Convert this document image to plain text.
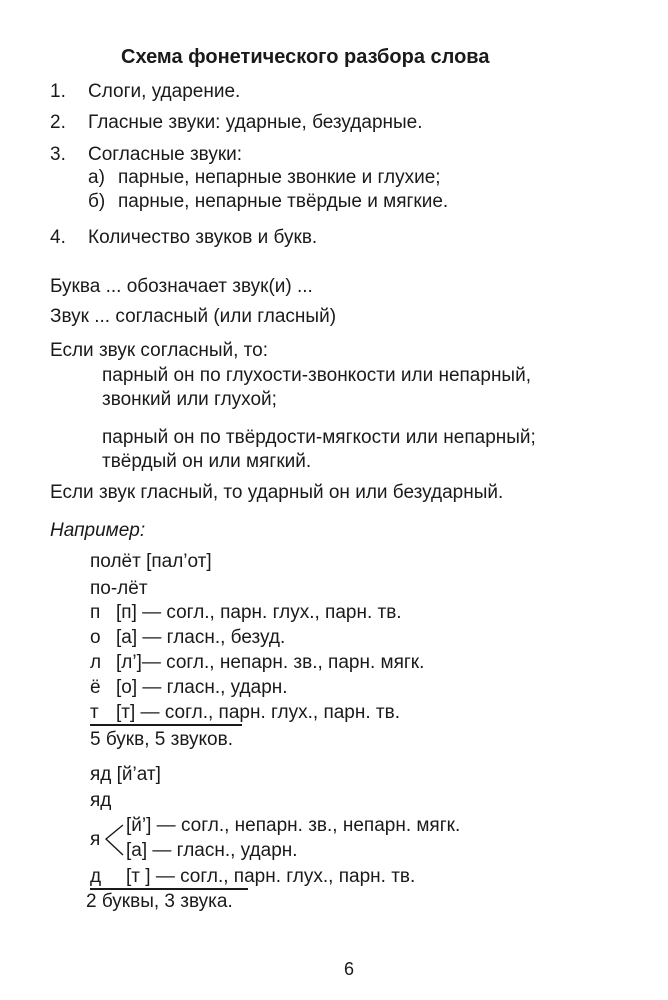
Схема фонетического разбора слова
1. Слоги, ударение.
2. Гласные звуки: ударные, безударные.
3. Согласные звуки:
а) парные, непарные звонкие и глухие;
б) парные, непарные твёрдые и мягкие.
4. Количество звуков и букв.
Буква ... обозначает звук(и) ...
Звук ... согласный (или гласный)
Если звук согласный, то:
парный он по глухости-звонкости или непарный,
звонкий или глухой;
парный он по твёрдости-мягкости или непарный;
твёрдый он или мягкий.
Если звук гласный, то ударный он или безударный.
Например:
полёт [пал’от]
по-лёт
п [п] — согл., парн. глух., парн. тв.
о [а] — гласн., безуд.
л [л’]— согл., непарн. зв., парн. мягк.
ё [о] — гласн., ударн.
т [т] — согл., парн. глух., парн. тв.
5 букв, 5 звуков.
яд [й’ат]
яд
я
[й’] — согл., непарн. зв., непарн. мягк.
[а] — гласн., ударн.
д [т ] — согл., парн. глух., парн. тв.
2 буквы, 3 звука.
6
